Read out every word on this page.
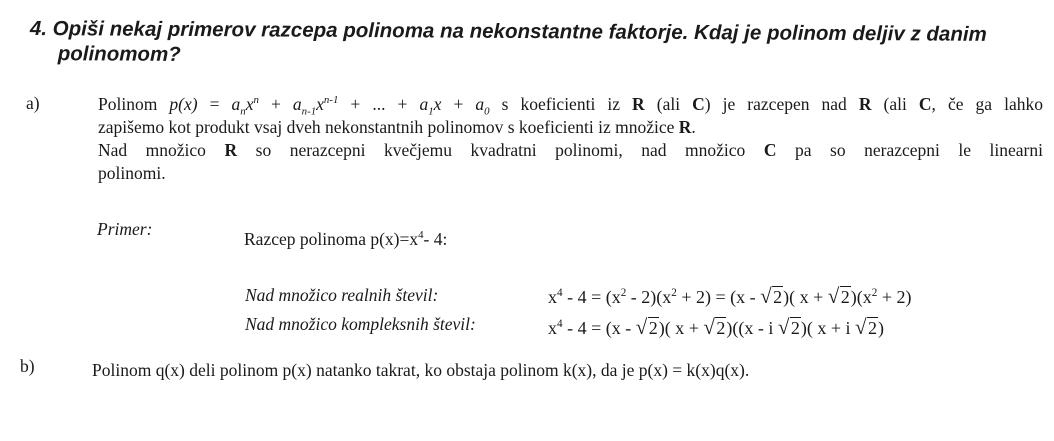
4. Opiši nekaj primerov razcepa polinoma na nekonstantne faktorje. Kdaj je polinom deljiv z danim
polinomom?
a)	Polinom $p(x) = a_nx^n + a_{n-1}x^{n-1}$ + ... + $a_1x + a_0$ s koeficienti iz R (ali C) je razcepen nad R (ali C, če ga lahko
zapišemo kot produkt vsaj dveh nekonstantnih polinomov s koeficienti iz množice R.
Nad množico R so nerazcepni kvečjemu kvadratni polinomi, nad množico C pa so nerazcepni le linearni
polinomi.
Primer:	Razcep polinoma $p(x)=x^4-$ 4:
Nad množico realnih števil:	$x^4 - 4 = (x^2 - 2)(x^2 + 2) = (x$ - √ 2)( x + √ $2)(x^2 + 2)$
Nad množico kompleksnih števil:	$x^4 - 4 = (x$ - √ 2)( x + √ 2)((x - i √ 2)( x + i √ 2)
b)	Polinom q(x) deli polinom p(x) natanko takrat, ko obstaja polinom k(x), da je p(x) = k(x)q(x).
